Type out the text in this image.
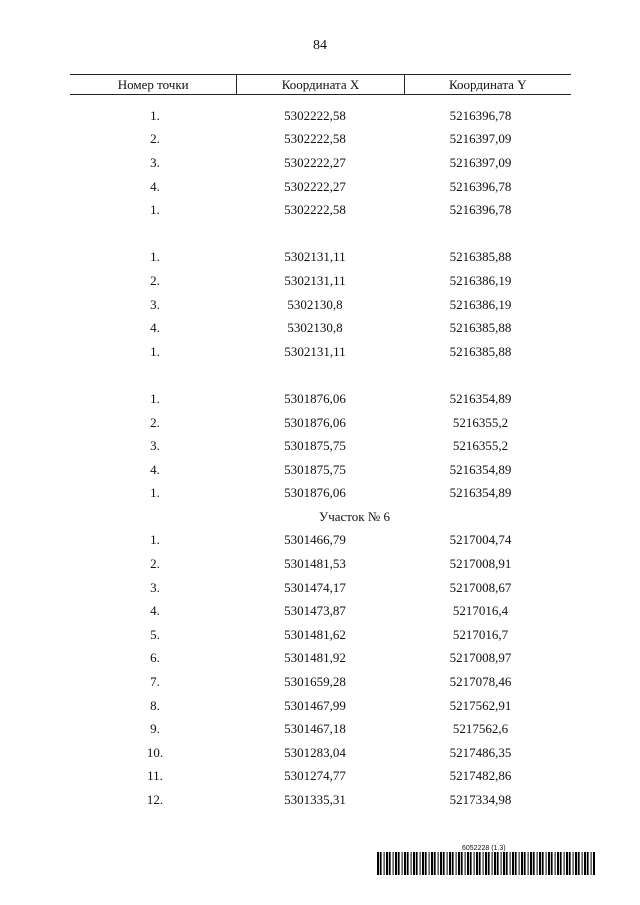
84
Номер точки	Координата X	Координата Y
1.	5302222,58	5216396,78
2.	5302222,58	5216397,09
3.	5302222,27	5216397,09
4.	5302222,27	5216396,78
1.	5302222,58	5216396,78
1.	5302131,11	5216385,88
2.	5302131,11	5216386,19
3.	5302130,8	5216386,19
4.	5302130,8	5216385,88
1.	5302131,11	5216385,88
1.	5301876,06	5216354,89
2.	5301876,06	5216355,2
3.	5301875,75	5216355,2
4.	5301875,75	5216354,89
1.	5301876,06	5216354,89
Участок № 6
1.	5301466,79	5217004,74
2.	5301481,53	5217008,91
3.	5301474,17	5217008,67
4.	5301473,87	5217016,4
5.	5301481,62	5217016,7
6.	5301481,92	5217008,97
7.	5301659,28	5217078,46
8.	5301467,99	5217562,91
9.	5301467,18	5217562,6
10.	5301283,04	5217486,35
11.	5301274,77	5217482,86
12.	5301335,31	5217334,98
6052228 (1.3)
